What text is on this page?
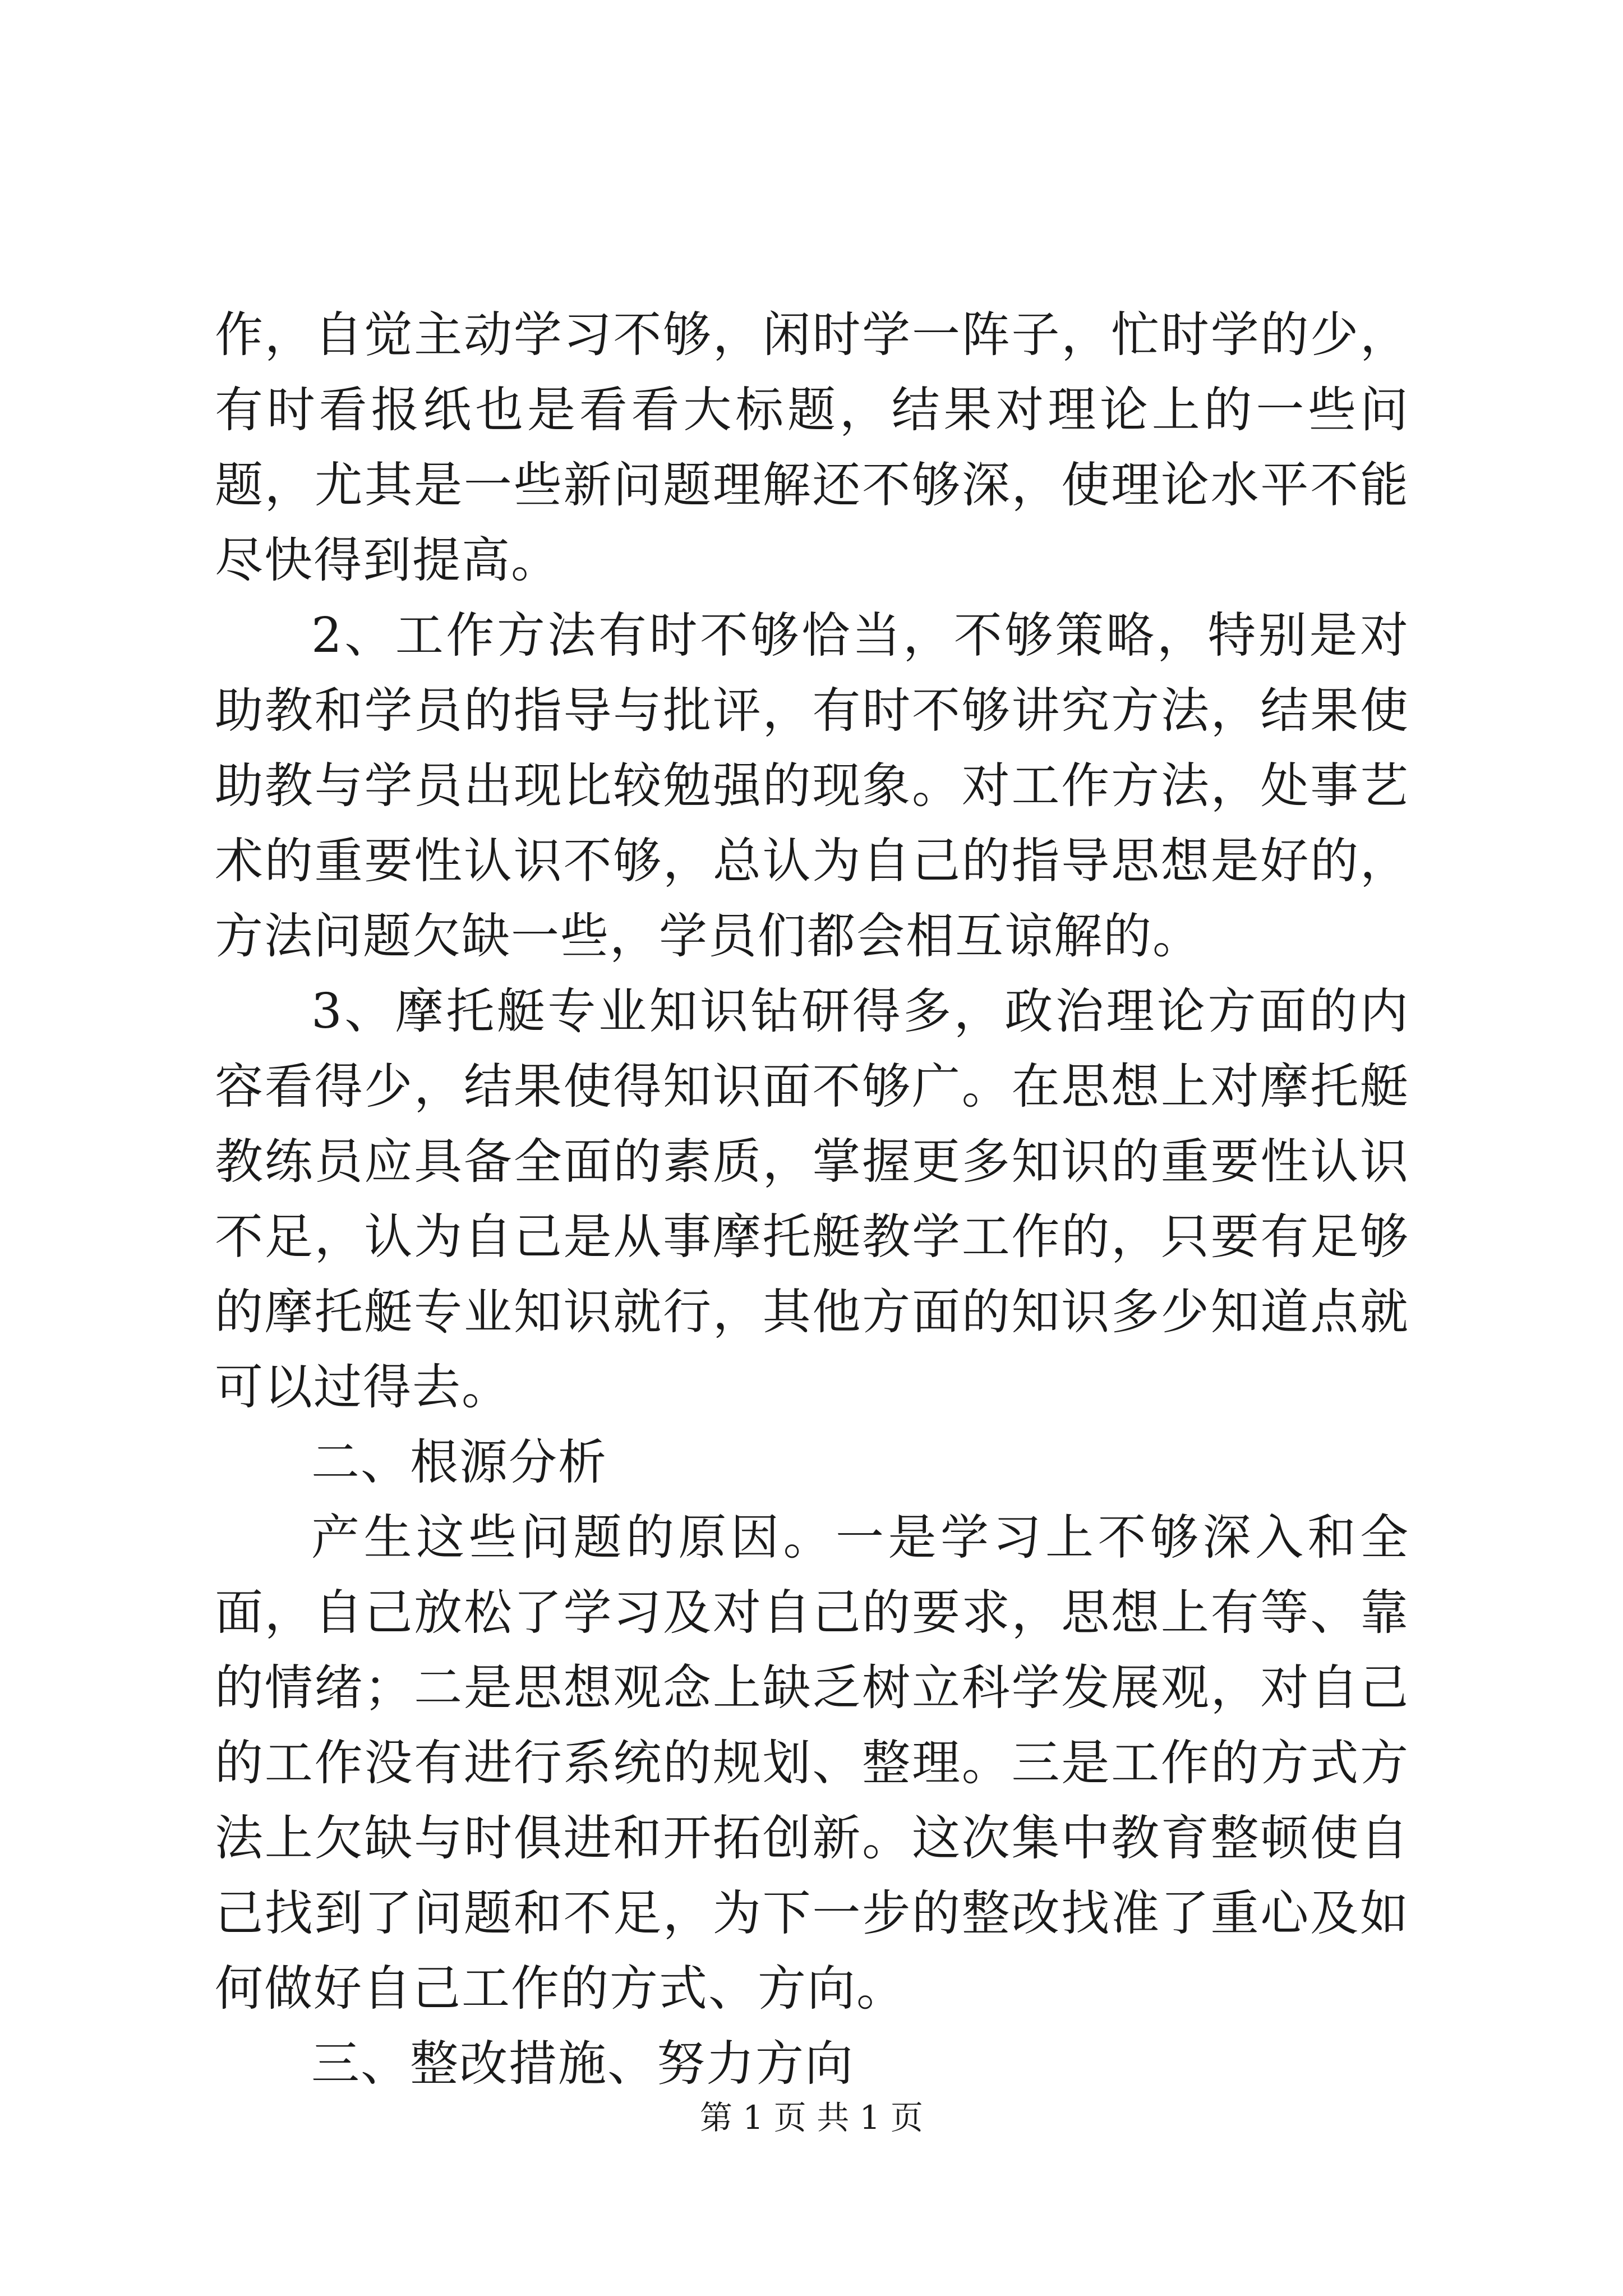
作，自觉主动学习不够，闲时学一阵子，忙时学的少，有时看报纸也是看看大标题，结果对理论上的一些问题，尤其是一些新问题理解还不够深，使理论水平不能尽快得到提高。

2、工作方法有时不够恰当，不够策略，特别是对助教和学员的指导与批评，有时不够讲究方法，结果使助教与学员出现比较勉强的现象。对工作方法，处事艺术的重要性认识不够，总认为自己的指导思想是好的，方法问题欠缺一些，学员们都会相互谅解的。

3、摩托艇专业知识钻研得多，政治理论方面的内容看得少，结果使得知识面不够广。在思想上对摩托艇教练员应具备全面的素质，掌握更多知识的重要性认识不足，认为自己是从事摩托艇教学工作的，只要有足够的摩托艇专业知识就行，其他方面的知识多少知道点就可以过得去。

二、根源分析

产生这些问题的原因。一是学习上不够深入和全面，自己放松了学习及对自己的要求，思想上有等、靠的情绪；二是思想观念上缺乏树立科学发展观，对自己的工作没有进行系统的规划、整理。三是工作的方式方法上欠缺与时俱进和开拓创新。这次集中教育整顿使自己找到了问题和不足，为下一步的整改找准了重心及如何做好自己工作的方式、方向。

三、整改措施、努力方向

第 1 页 共 1 页
